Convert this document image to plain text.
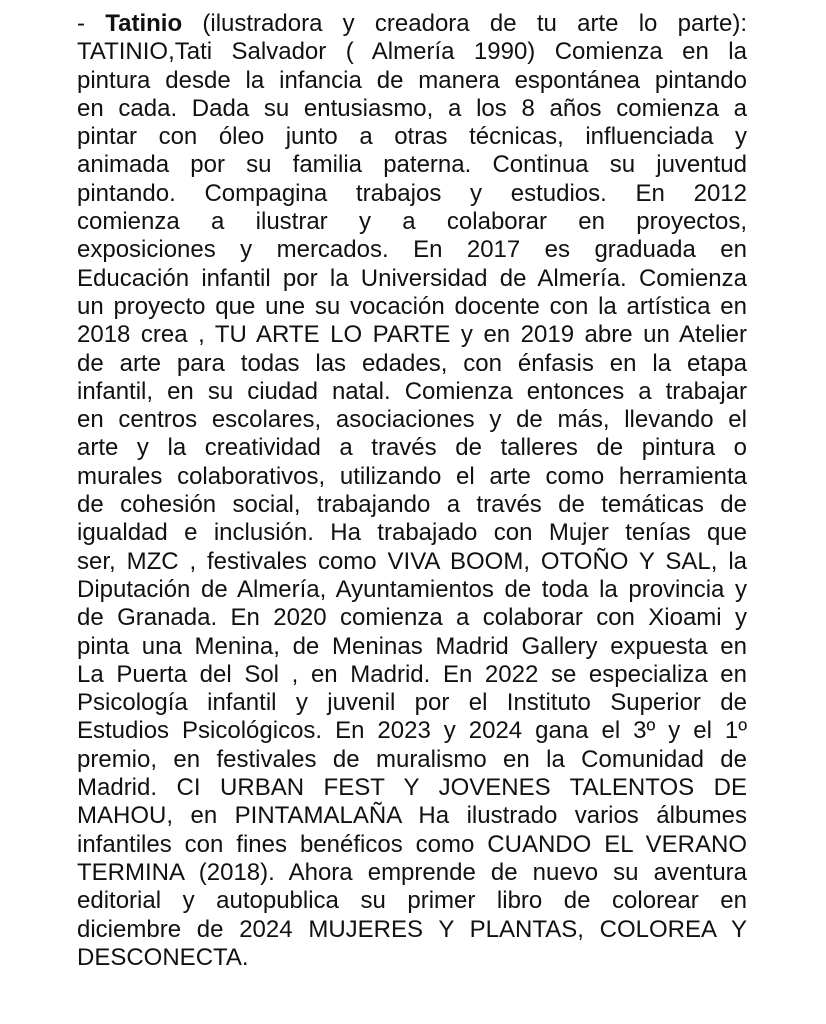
- Tatinio (ilustradora y creadora de tu arte lo parte):
TATINIO,Tati Salvador ( Almería 1990) Comienza en la
pintura desde la infancia de manera espontánea pintando
en cada. Dada su entusiasmo, a los 8 años comienza a
pintar con óleo junto a otras técnicas, influenciada y
animada por su familia paterna. Continua su juventud
pintando. Compagina trabajos y estudios. En 2012
comienza a ilustrar y a colaborar en proyectos,
exposiciones y mercados. En 2017 es graduada en
Educación infantil por la Universidad de Almería. Comienza
un proyecto que une su vocación docente con la artística en
2018 crea , TU ARTE LO PARTE y en 2019 abre un Atelier
de arte para todas las edades, con énfasis en la etapa
infantil, en su ciudad natal. Comienza entonces a trabajar
en centros escolares, asociaciones y de más, llevando el
arte y la creatividad a través de talleres de pintura o
murales colaborativos, utilizando el arte como herramienta
de cohesión social, trabajando a través de temáticas de
igualdad e inclusión. Ha trabajado con Mujer tenías que
ser, MZC , festivales como VIVA BOOM, OTOÑO Y SAL, la
Diputación de Almería, Ayuntamientos de toda la provincia y
de Granada. En 2020 comienza a colaborar con Xioami y
pinta una Menina, de Meninas Madrid Gallery expuesta en
La Puerta del Sol , en Madrid. En 2022 se especializa en
Psicología infantil y juvenil por el Instituto Superior de
Estudios Psicológicos. En 2023 y 2024 gana el 3º y el 1º
premio, en festivales de muralismo en la Comunidad de
Madrid. CI URBAN FEST Y JOVENES TALENTOS DE
MAHOU, en PINTAMALAÑA Ha ilustrado varios álbumes
infantiles con fines benéficos como CUANDO EL VERANO
TERMINA (2018). Ahora emprende de nuevo su aventura
editorial y autopublica su primer libro de colorear en
diciembre de 2024 MUJERES Y PLANTAS, COLOREA Y
DESCONECTA.
